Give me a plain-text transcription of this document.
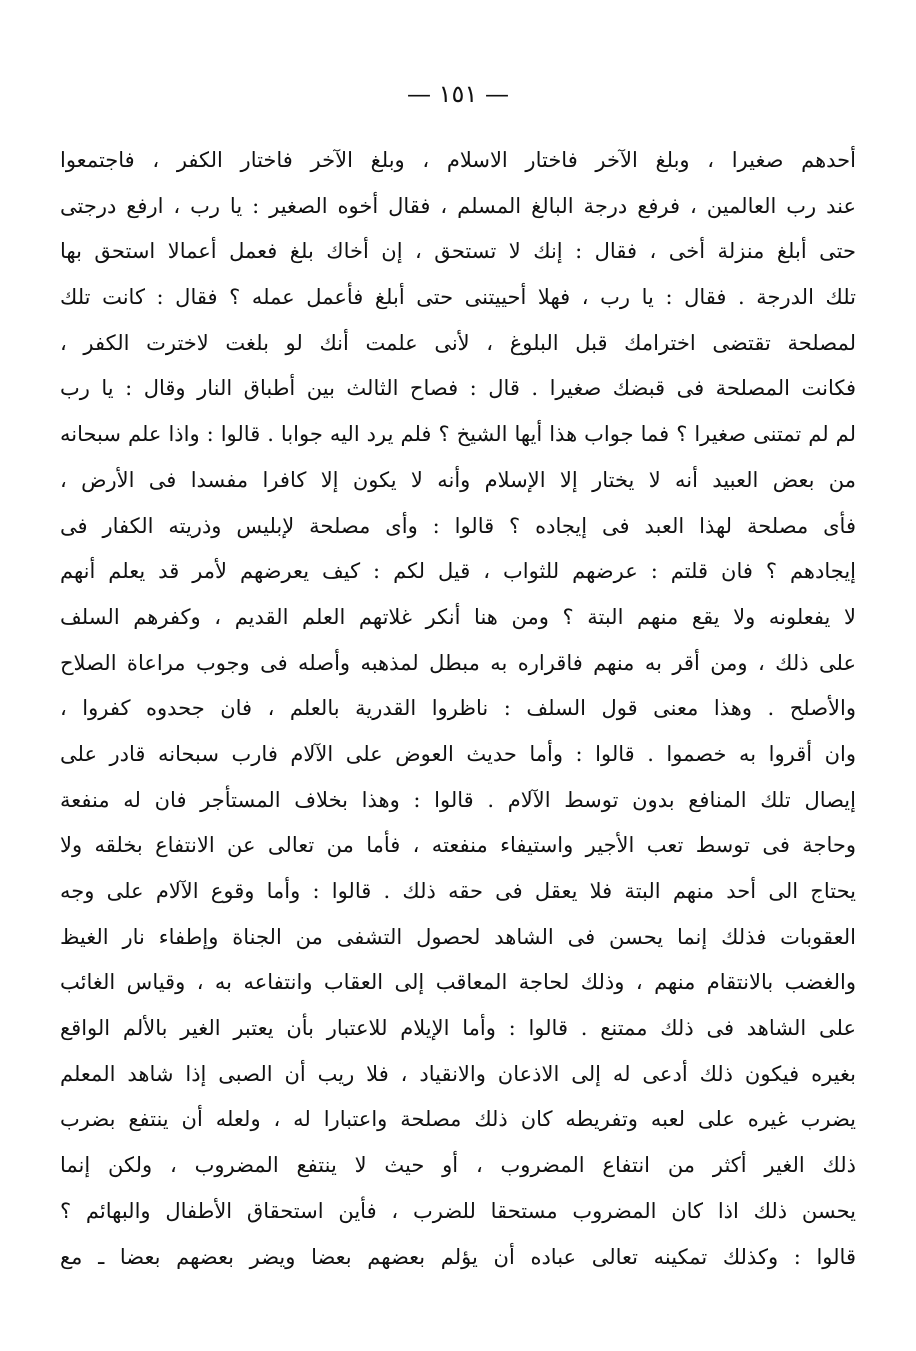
— ١٥١ —
أحدهم صغيرا ، وبلغ الآخر فاختار الاسلام ، وبلغ الآخر فاختار الكفر ، فاجتمعوا
عند رب العالمين ، فرفع درجة البالغ المسلم ، فقال أخوه الصغير : يا رب ، ارفع درجتى
حتى أبلغ منزلة أخى ، فقال : إنك لا تستحق ، إن أخاك بلغ فعمل أعمالا استحق بها
تلك الدرجة . فقال : يا رب ، فهلا أحييتنى حتى أبلغ فأعمل عمله ؟ فقال : كانت تلك
لمصلحة تقتضى اخترامك قبل البلوغ ، لأنى علمت أنك لو بلغت لاخترت الكفر ،
فكانت المصلحة فى قبضك صغيرا . قال : فصاح الثالث بين أطباق النار وقال : يا رب
لم لم تمتنى صغيرا ؟ فما جواب هذا أيها الشيخ ؟ فلم يرد اليه جوابا . قالوا : واذا علم سبحانه
من بعض العبيد أنه لا يختار إلا الإسلام وأنه لا يكون إلا كافرا مفسدا فى الأرض ،
فأى مصلحة لهذا العبد فى إيجاده ؟ قالوا : وأى مصلحة لإبليس وذريته الكفار فى
إيجادهم ؟ فان قلتم : عرضهم للثواب ، قيل لكم : كيف يعرضهم لأمر قد يعلم أنهم
لا يفعلونه ولا يقع منهم البتة ؟ ومن هنا أنكر غلاتهم العلم القديم ، وكفرهم السلف
على ذلك ، ومن أقر به منهم فاقراره به مبطل لمذهبه وأصله فى وجوب مراعاة الصلاح
والأصلح . وهذا معنى قول السلف : ناظروا القدرية بالعلم ، فان جحدوه كفروا ،
وان أقروا به خصموا . قالوا : وأما حديث العوض على الآلام فارب سبحانه قادر على
إيصال تلك المنافع بدون توسط الآلام . قالوا : وهذا بخلاف المستأجر فان له منفعة
وحاجة فى توسط تعب الأجير واستيفاء منفعته ، فأما من تعالى عن الانتفاع بخلقه ولا
يحتاج الى أحد منهم البتة فلا يعقل فى حقه ذلك . قالوا : وأما وقوع الآلام على وجه
العقوبات فذلك إنما يحسن فى الشاهد لحصول التشفى من الجناة وإطفاء نار الغيظ
والغضب بالانتقام منهم ، وذلك لحاجة المعاقب إلى العقاب وانتفاعه به ، وقياس الغائب
على الشاهد فى ذلك ممتنع . قالوا : وأما الإيلام للاعتبار بأن يعتبر الغير بالألم الواقع
بغيره فيكون ذلك أدعى له إلى الاذعان والانقياد ، فلا ريب أن الصبى إذا شاهد المعلم
يضرب غيره على لعبه وتفريطه كان ذلك مصلحة واعتبارا له ، ولعله أن ينتفع بضرب
ذلك الغير أكثر من انتفاع المضروب ، أو حيث لا ينتفع المضروب ، ولكن إنما
يحسن ذلك اذا كان المضروب مستحقا للضرب ، فأين استحقاق الأطفال والبهائم ؟
قالوا : وكذلك تمكينه تعالى عباده أن يؤلم بعضهم بعضا ويضر بعضهم بعضا ـ مع
